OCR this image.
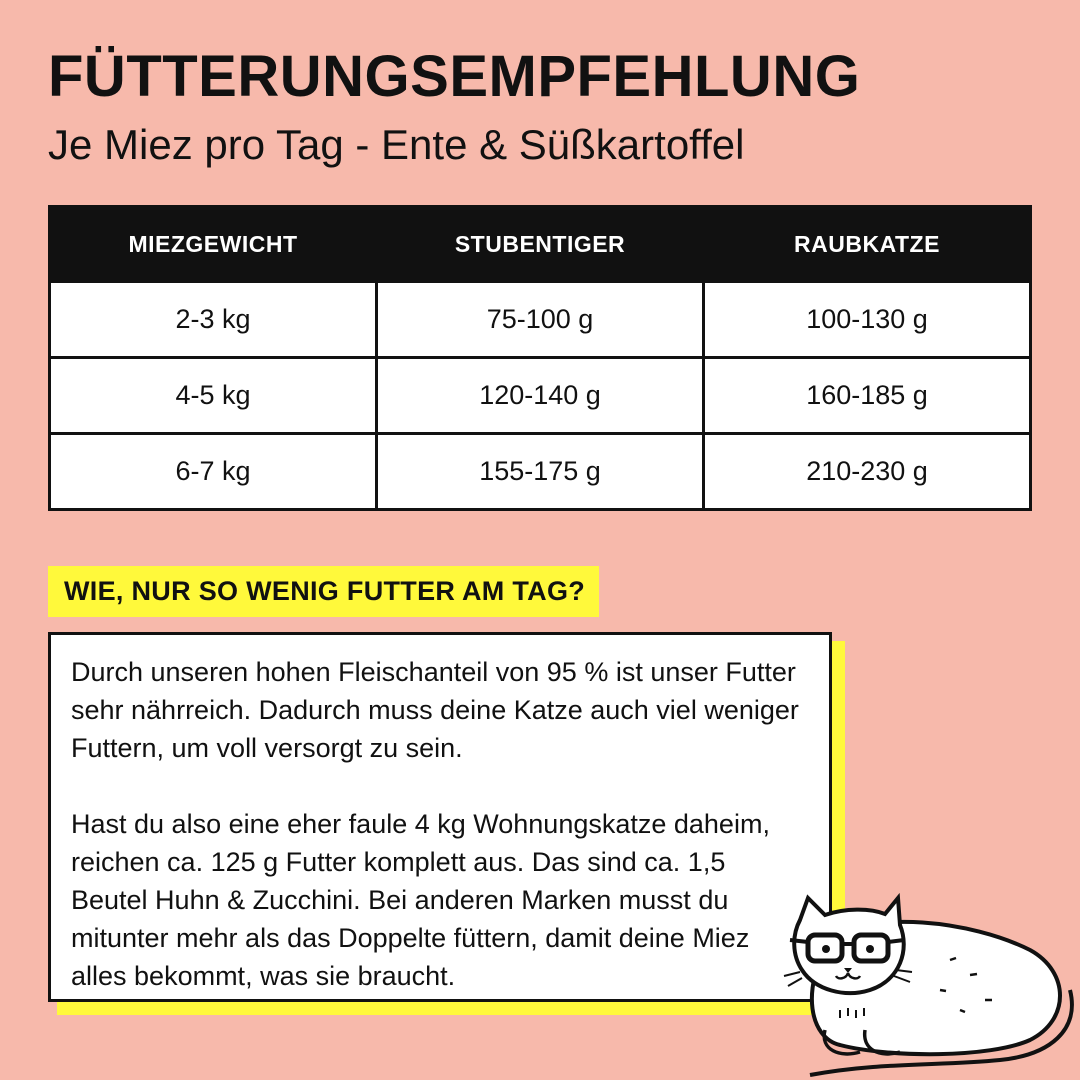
FÜTTERUNGSEMPFEHLUNG
Je Miez pro Tag - Ente & Süßkartoffel
MIEZGEWICHT	STUBENTIGER	RAUBKATZE
2-3 kg	75-100 g	100-130 g
4-5 kg	120-140 g	160-185 g
6-7 kg	155-175 g	210-230 g
WIE, NUR SO WENIG FUTTER AM TAG?

Durch unseren hohen Fleischanteil von 95 % ist unser Futter sehr nährreich. Dadurch muss deine Katze auch viel weniger Futtern, um voll versorgt zu sein.

Hast du also eine eher faule 4 kg Wohnungskatze daheim, reichen ca. 125 g Futter komplett aus. Das sind ca. 1,5 Beutel Huhn & Zucchini. Bei anderen Marken musst du mitunter mehr als das Doppelte füttern, damit deine Miez alles bekommt, was sie braucht.
